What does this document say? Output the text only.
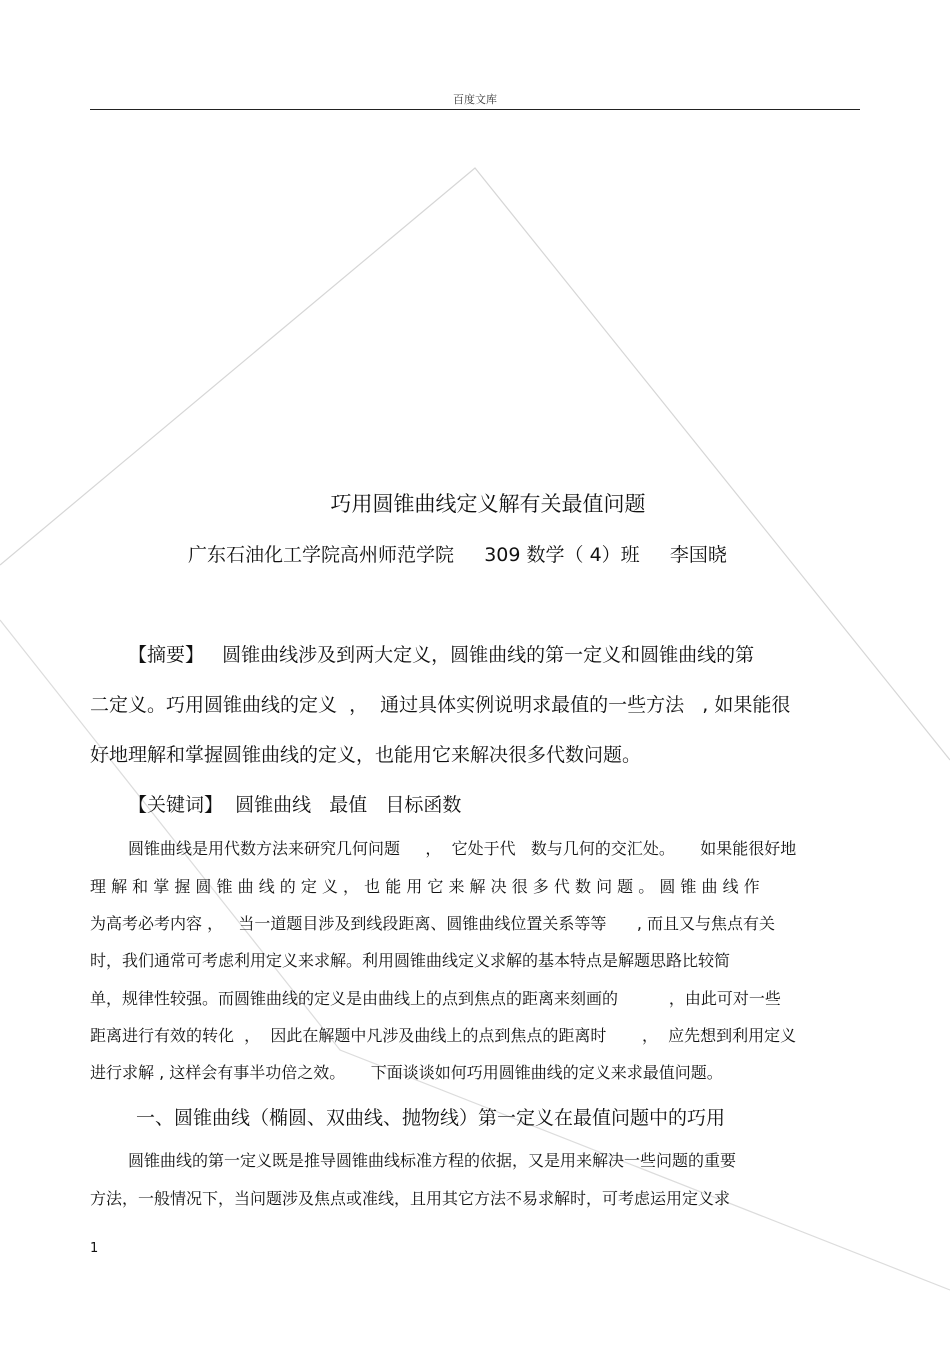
百度文库
巧用圆锥曲线定义解有关最值问题
广东石油化工学院高州师范学院 309 数学（ 4）班 李国晓
【摘要】   圆锥曲线涉及到两大定义，圆锥曲线的第一定义和圆锥曲线的第
二定义。巧用圆锥曲线的定义  ，  通过具体实例说明求最值的一些方法   , 如果能很
好地理解和掌握圆锥曲线的定义，也能用它来解决很多代数问题。
【关键词】  圆锥曲线   最值   目标函数
圆锥曲线是用代数方法来研究几何问题     ，  它处于代   数与几何的交汇处。     如果能很好地
理 解 和 掌 握 圆 锥 曲 线 的 定 义 ， 也 能 用 它 来 解 决 很 多 代 数 问 题 。 圆 锥 曲 线 作
为高考必考内容 ，   当一道题目涉及到线段距离、圆锥曲线位置关系等等      , 而且又与焦点有关
时，我们通常可考虑利用定义来求解。利用圆锥曲线定义求解的基本特点是解题思路比较简
单，规律性较强。而圆锥曲线的定义是由曲线上的点到焦点的距离来刻画的          ，由此可对一些
距离进行有效的转化  ，  因此在解题中凡涉及曲线上的点到焦点的距离时       ，  应先想到利用定义
进行求解 , 这样会有事半功倍之效。     下面谈谈如何巧用圆锥曲线的定义来求最值问题。
一、圆锥曲线（椭圆、双曲线、抛物线）第一定义在最值问题中的巧用
圆锥曲线的第一定义既是推导圆锥曲线标准方程的依据，又是用来解决一些问题的重要
方法，一般情况下，当问题涉及焦点或准线，且用其它方法不易求解时，可考虑运用定义求
1
